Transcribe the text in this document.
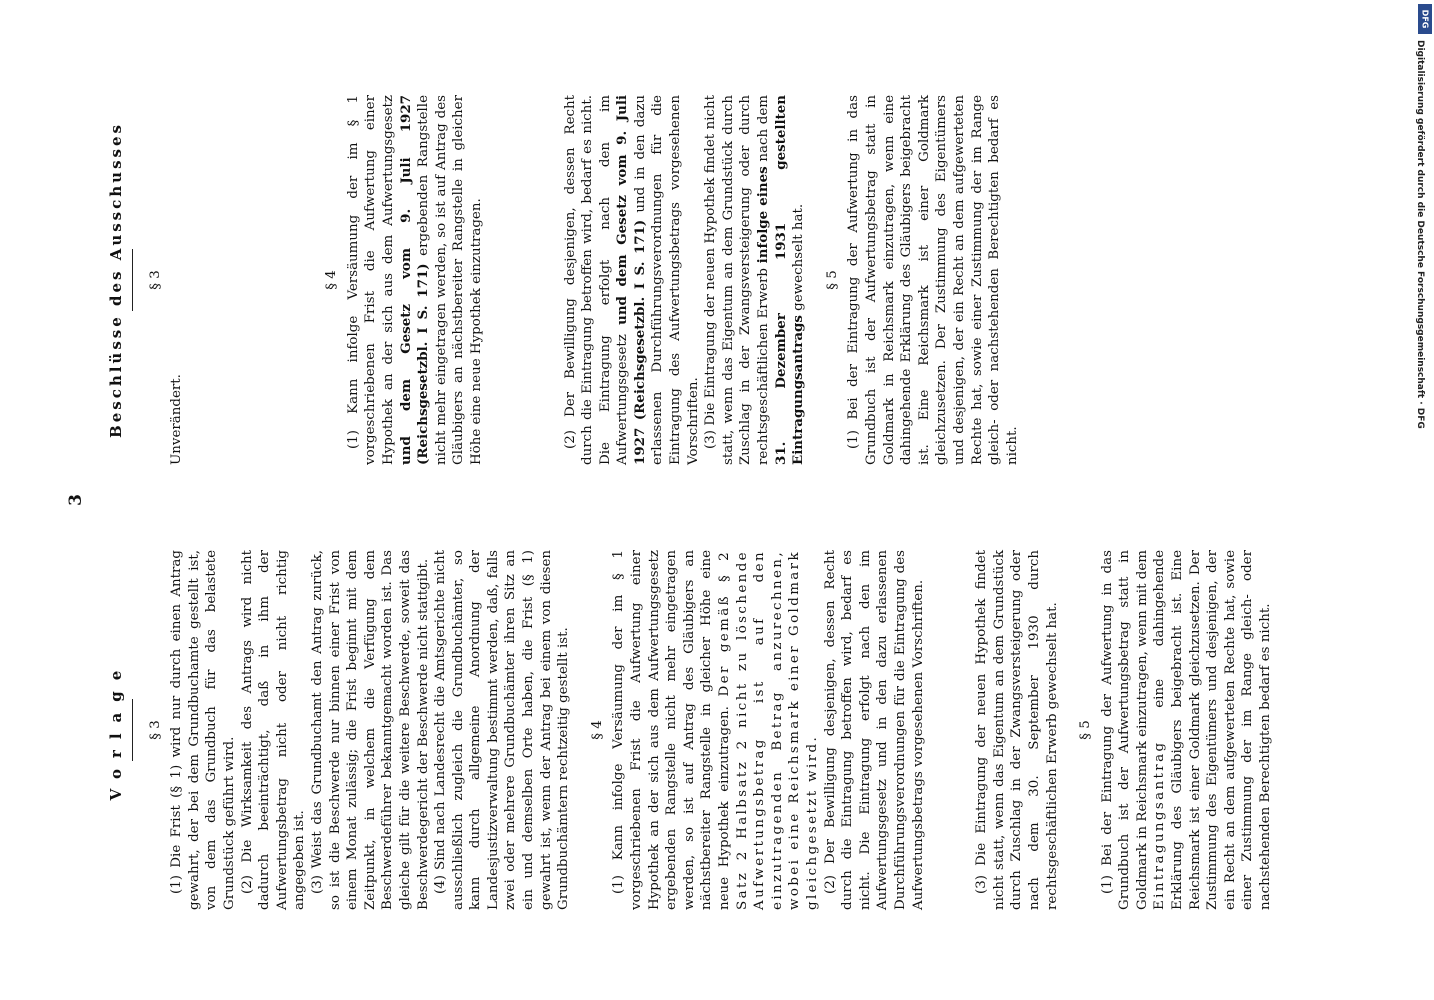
3
Vorlage § 3 (1) Die Frist (§ 1) wird nur durch einen Antrag gewahrt, der bei dem Grundbuchamte gestellt ist, von dem das Grundbuch für das belastete Grundstück geführt wird. (2) Die Wirksamkeit des Antrags wird nicht dadurch beeinträchtigt, daß in ihm der Aufwertungsbetrag nicht oder nicht richtig angegeben ist. (3) Weist das Grundbuchamt den Antrag zurück, so ist die Beschwerde nur binnen einer Frist von einem Monat zulässig; die Frist beginnt mit dem Zeitpunkt, in welchem die Verfügung dem Beschwerdeführer bekanntgemacht worden ist. Das gleiche gilt für die weitere Beschwerde, soweit das Beschwerdegericht der Beschwerde nicht stattgibt. (4) Sind nach Landesrecht die Amtsgerichte nicht ausschließlich zugleich die Grundbuchämter, so kann durch allgemeine Anordnung der Landesjustizverwaltung bestimmt werden, daß, falls zwei oder mehrere Grundbuchämter ihren Sitz an ein und demselben Orte haben, die Frist (§ 1) gewahrt ist, wenn der Antrag bei einem von diesen Grundbuchämtern rechtzeitig gestellt ist. § 4 (1) Kann infolge Versäumung der im § 1 vorgeschriebenen Frist die Aufwertung einer Hypothek an der sich aus dem Aufwertungsgesetz ergebenden Rangstelle nicht mehr eingetragen werden, so ist auf Antrag des Gläubigers an nächstbereiter Rangstelle in gleicher Höhe eine neue Hypothek einzutragen. Der gemäß § 2 Satz 2 Halbsatz 2 nicht zu löschende Aufwertungsbetrag ist auf den einzutragenden Betrag anzurechnen, wobei eine Reichsmark einer Goldmark gleichgesetzt wird. (2) Der Bewilligung desjenigen, dessen Recht durch die Eintragung betroffen wird, bedarf es nicht. Die Eintragung erfolgt nach den im Aufwertungsgesetz und in den dazu erlassenen Durchführungsverordnungen für die Eintragung des Aufwertungsbetrags vorgesehenen Vorschriften.	(3) Die Eintragung der neuen Hypothek findet nicht statt, wenn das Eigentum an dem Grundstück durch Zuschlag in der Zwangsversteigerung oder nach dem 30. September 1930 durch rechtsgeschäftlichen Erwerb gewechselt hat. § 5 (1) Bei der Eintragung der Aufwertung in das Grundbuch ist der Aufwertungsbetrag statt in Goldmark in Reichsmark einzutragen, wenn mit dem Eintragungsantrag eine dahingehende Erklärung des Gläubigers beigebracht ist. Eine Reichsmark ist einer Goldmark gleichzusetzen. Der Zustimmung des Eigentümers und desjenigen, der ein Recht an dem aufgewerteten Rechte hat, sowie einer Zustimmung der im Range gleich- oder nachstehenden Berechtigten bedarf es nicht.

Beschlüsse des Ausschusses § 3

Unverändert.

§ 4 (1) Kann infolge Versäumung der im § 1 vorgeschriebenen Frist die Aufwertung einer Hypothek an der sich aus dem Aufwertungsgesetz und dem Gesetz vom 9. Juli 1927 (Reichsgesetzbl. I S. 171) ergebenden Rangstelle nicht mehr eingetragen werden, so ist auf Antrag des Gläubigers an nächstbereiter Rangstelle in gleicher Höhe eine neue Hypothek einzutragen.	(2) Der Bewilligung desjenigen, dessen Recht durch die Eintragung betroffen wird, bedarf es nicht. Die Eintragung erfolgt nach den im Aufwertungsgesetz und dem Gesetz vom 9. Juli 1927 (Reichsgesetzbl. I S. 171) und in den dazu erlassenen Durchführungsverordnungen für die Eintragung des Aufwertungsbetrags vorgesehenen Vorschriften. (3) Die Eintragung der neuen Hypothek findet nicht statt, wenn das Eigentum an dem Grundstück durch Zuschlag in der Zwangsversteigerung oder durch rechtsgeschäftlichen Erwerb infolge eines nach dem 31. Dezember 1931 gestellten Eintragungsantrags gewechselt hat. § 5 (1) Bei der Eintragung der Aufwertung in das Grundbuch ist der Aufwertungsbetrag statt in Goldmark in Reichsmark einzutragen, wenn eine dahingehende Erklärung des Gläubigers beigebracht ist. Eine Reichsmark ist einer Goldmark gleichzusetzen. Der Zustimmung des Eigentümers und desjenigen, der ein Recht an dem aufgewerteten Rechte hat, sowie einer Zustimmung der im Range gleich- oder nachstehenden Berechtigten bedarf es nicht.

DFG
Digitalisierung gefördert durch die Deutsche Forschungsgemeinschaft · DFG
